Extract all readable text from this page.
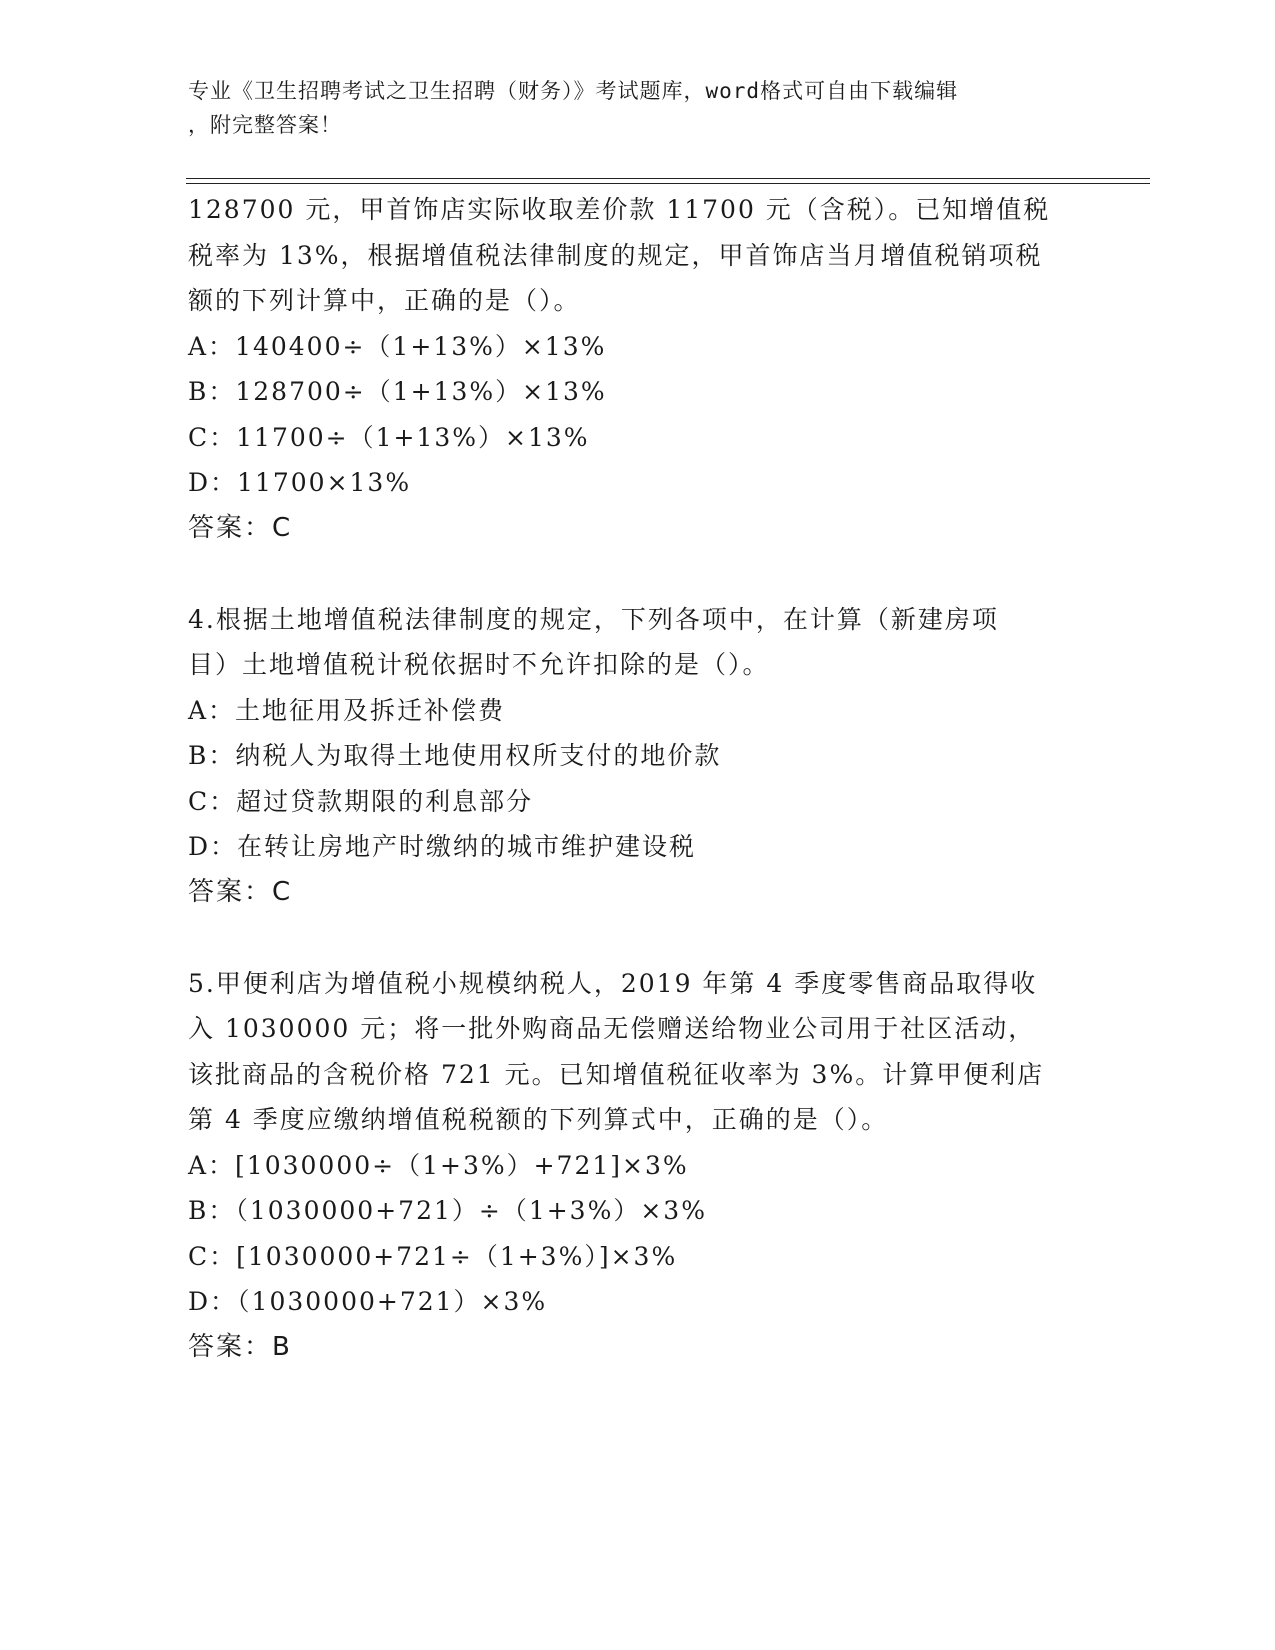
专业《卫生招聘考试之卫生招聘（财务）》考试题库，word格式可自由下载编辑
，附完整答案！
128700 元，甲首饰店实际收取差价款 11700 元（含税）。已知增值税
税率为 13%，根据增值税法律制度的规定，甲首饰店当月增值税销项税
额的下列计算中，正确的是（）。
A：140400÷（1+13%）×13%
B：128700÷（1+13%）×13%
C：11700÷（1+13%）×13%
D：11700×13%
答案：C
4.根据土地增值税法律制度的规定，下列各项中，在计算（新建房项
目）土地增值税计税依据时不允许扣除的是（）。
A：土地征用及拆迁补偿费
B：纳税人为取得土地使用权所支付的地价款
C：超过贷款期限的利息部分
D：在转让房地产时缴纳的城市维护建设税
答案：C
5.甲便利店为增值税小规模纳税人，2019 年第 4 季度零售商品取得收
入 1030000 元；将一批外购商品无偿赠送给物业公司用于社区活动，
该批商品的含税价格 721 元。已知增值税征收率为 3%。计算甲便利店
第 4 季度应缴纳增值税税额的下列算式中，正确的是（）。
A：[1030000÷（1+3%）+721]×3%
B：（1030000+721）÷（1+3%）×3%
C：[1030000+721÷（1+3%）]×3%
D：（1030000+721）×3%
答案：B
